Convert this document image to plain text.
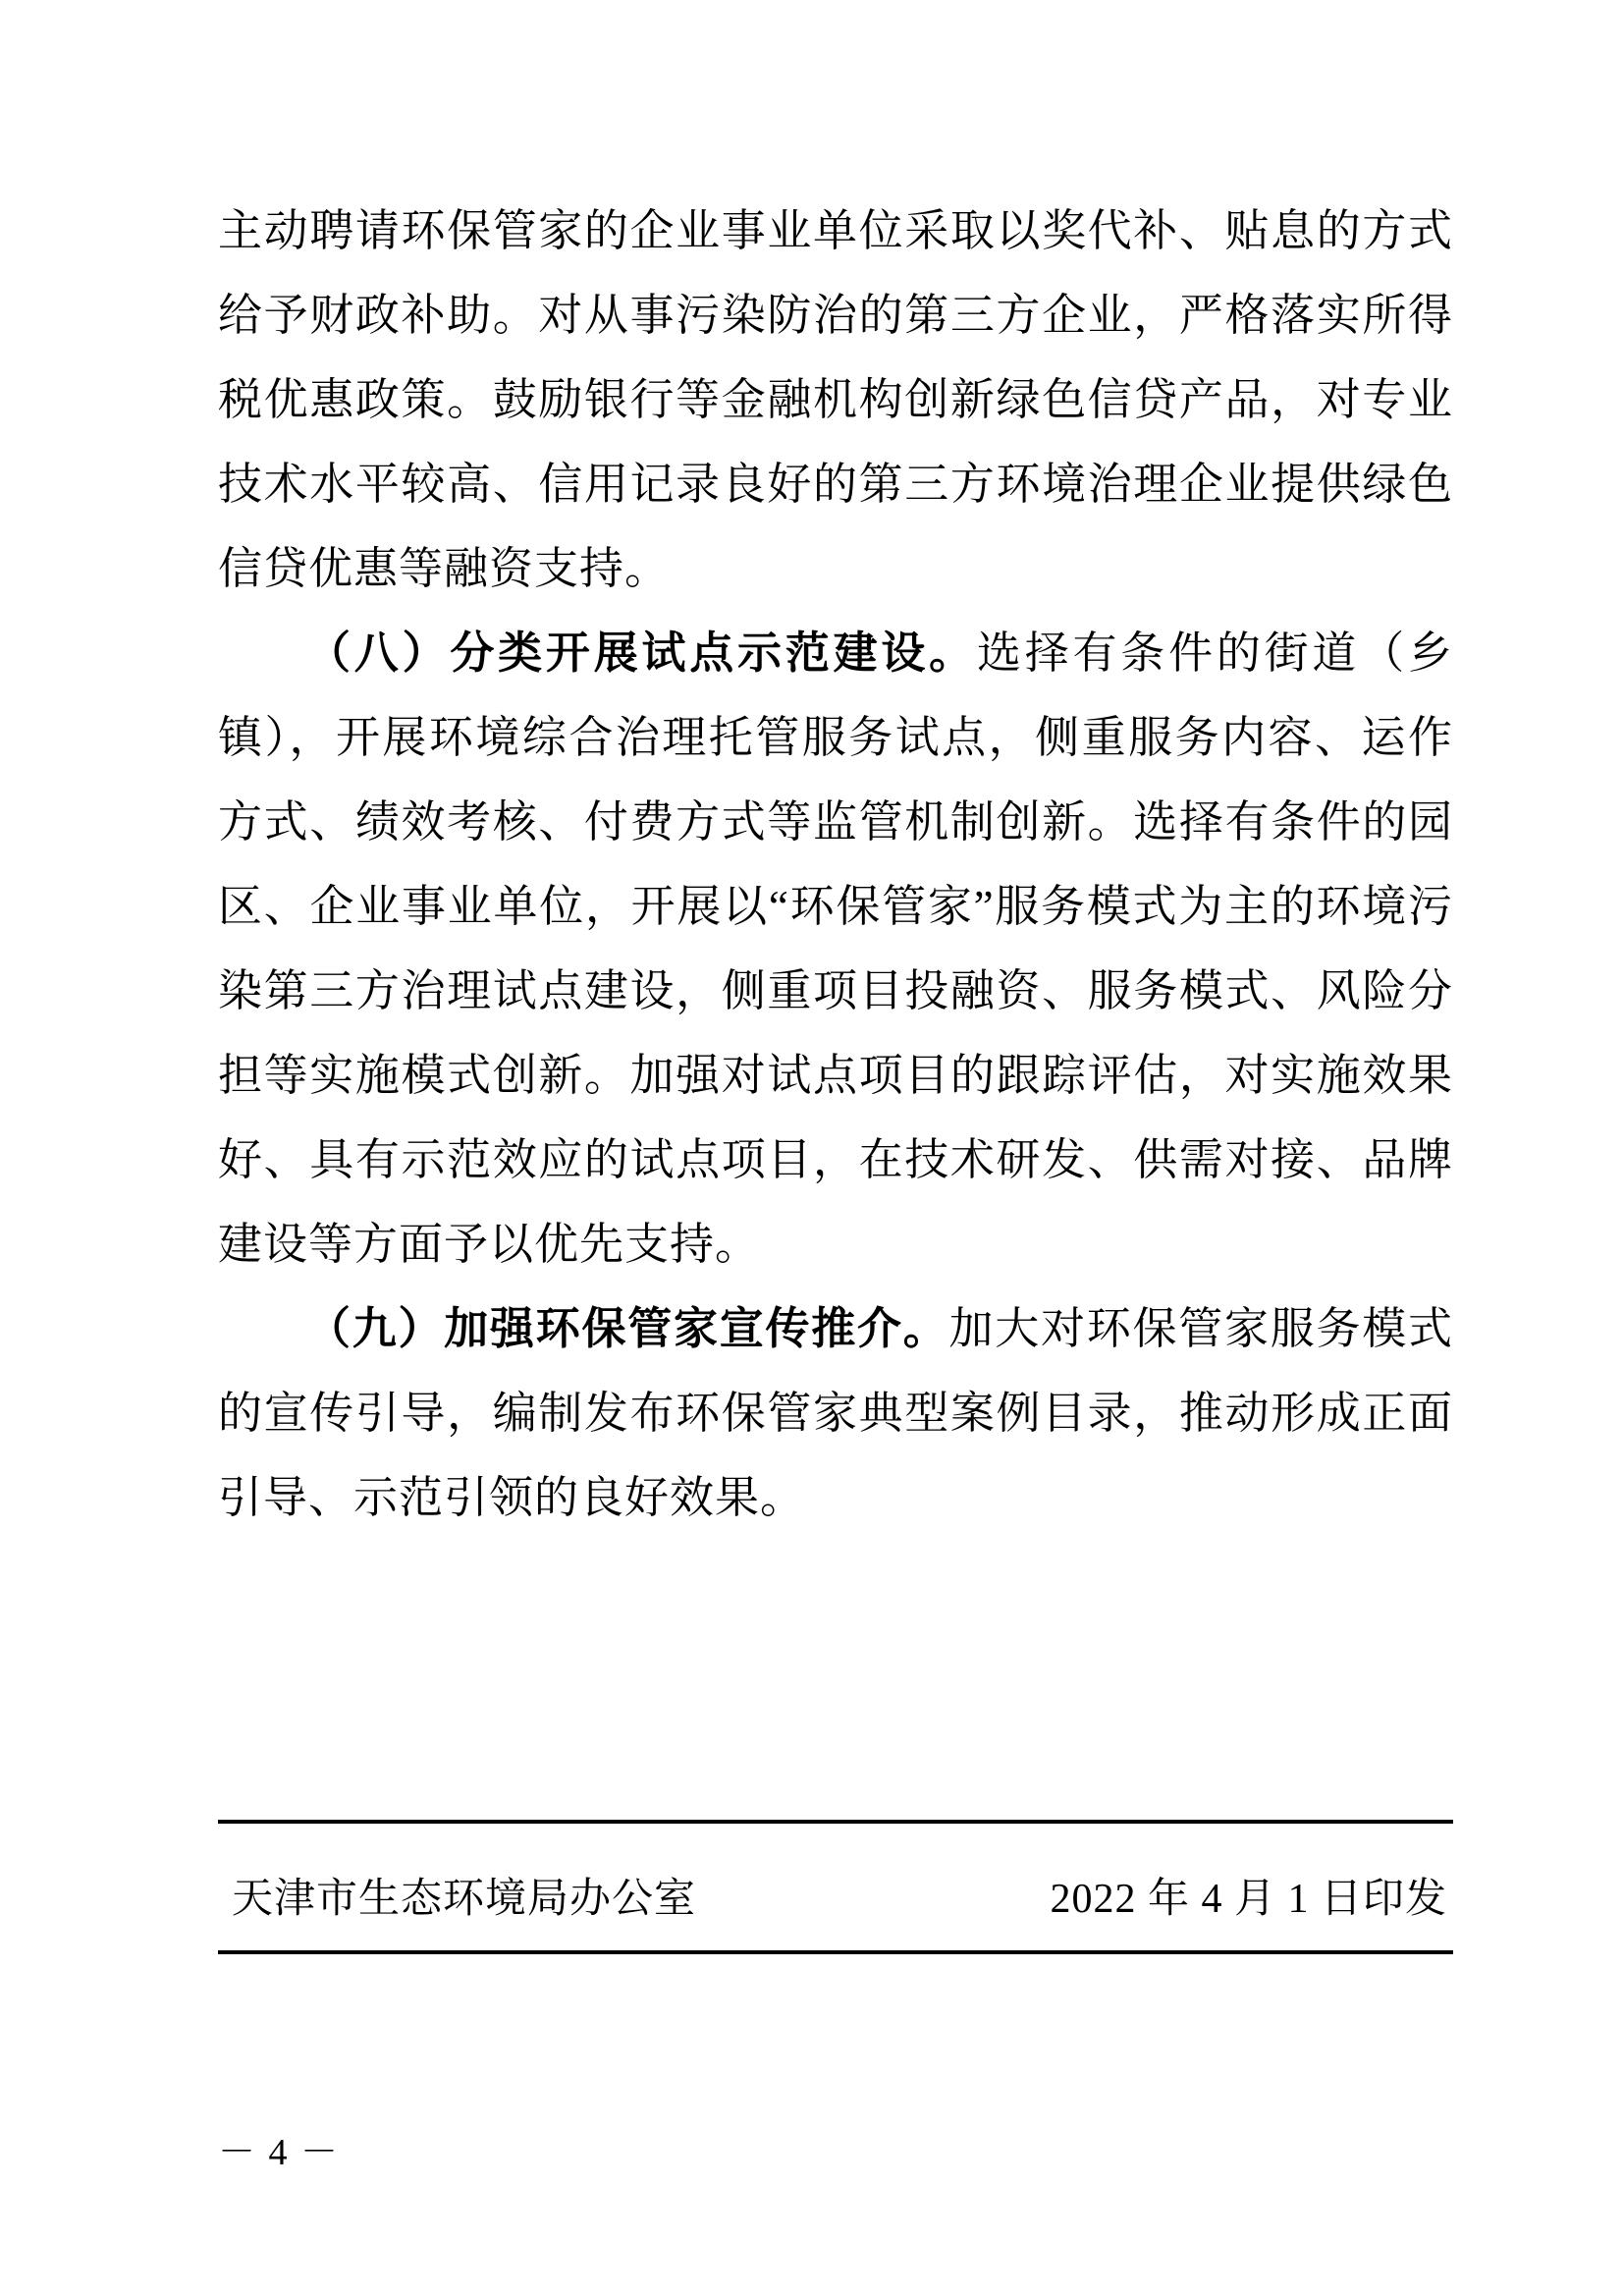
主动聘请环保管家的企业事业单位采取以奖代补、贴息的方式给予财政补助。对从事污染防治的第三方企业，严格落实所得税优惠政策。鼓励银行等金融机构创新绿色信贷产品，对专业技术水平较高、信用记录良好的第三方环境治理企业提供绿色信贷优惠等融资支持。

（八）分类开展试点示范建设。选择有条件的街道（乡镇），开展环境综合治理托管服务试点，侧重服务内容、运作方式、绩效考核、付费方式等监管机制创新。选择有条件的园区、企业事业单位，开展以“环保管家”服务模式为主的环境污染第三方治理试点建设，侧重项目投融资、服务模式、风险分担等实施模式创新。加强对试点项目的跟踪评估，对实施效果好、具有示范效应的试点项目，在技术研发、供需对接、品牌建设等方面予以优先支持。

（九）加强环保管家宣传推介。加大对环保管家服务模式的宣传引导，编制发布环保管家典型案例目录，推动形成正面引导、示范引领的良好效果。

天津市生态环境局办公室	2022 年 4 月 1 日印发
－ 4 －
